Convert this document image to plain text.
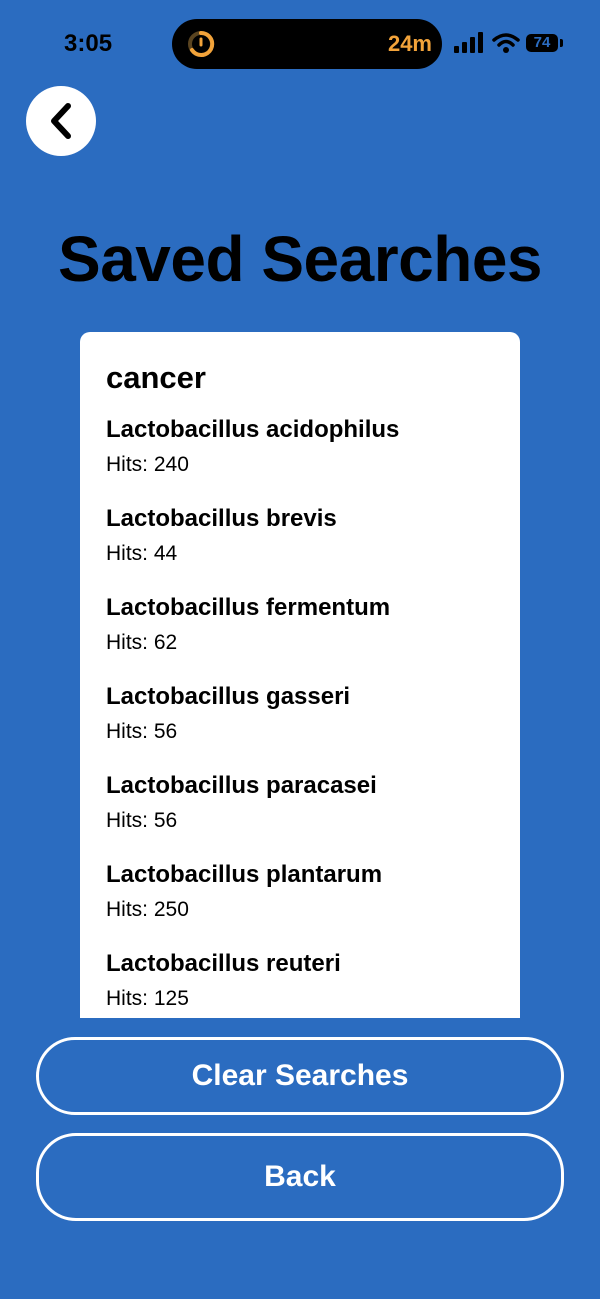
3:05	24m	74
Saved Searches
cancer
Lactobacillus acidophilus
Hits: 240
Lactobacillus brevis
Hits: 44
Lactobacillus fermentum
Hits: 62
Lactobacillus gasseri
Hits: 56
Lactobacillus paracasei
Hits: 56
Lactobacillus plantarum
Hits: 250
Lactobacillus reuteri
Hits: 125
Clear Searches
Back
